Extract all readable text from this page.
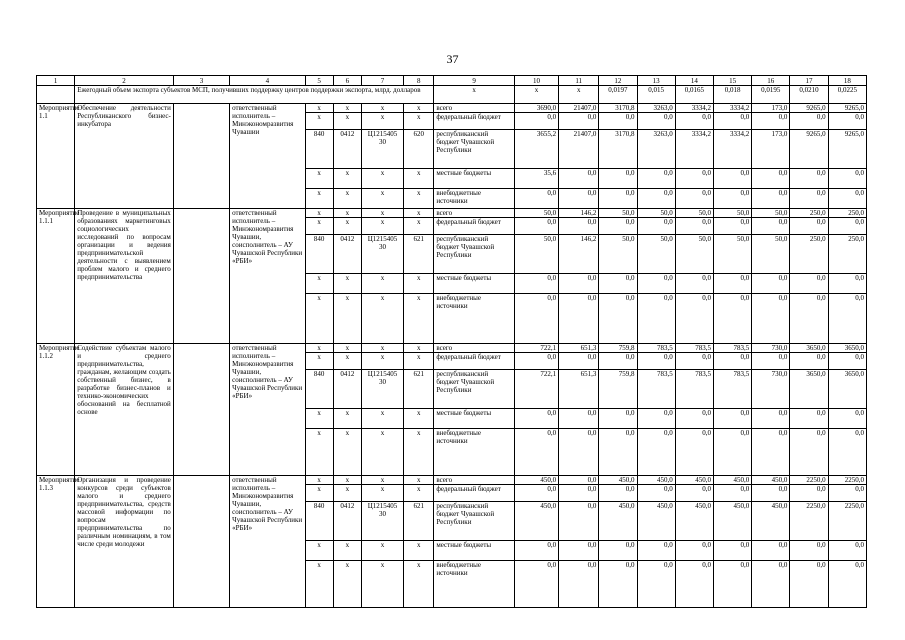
37
1	2	3	4	5	6	7	8	9	10	11	12	13	14	15	16	17	18
	Ежегодный объем экспорта субъектов МСП, получивших поддержку центров поддержки экспорта, млрд. долларов							x	x	x	0,0197	0,015	0,0165	0,018	0,0195	0,0210	0,0225
Мероприятие 1.1	Обеспечение деятельности Республиканского бизнес-инкубатора		ответственный исполнитель – Минэкономразвития Чувашии	x	x	x	x	всего	3690,0	21407,0	3170,8	3263,0	3334,2	3334,2	173,0	9265,0	9265,0
				x	x	x	x	федеральный бюджет	0,0	0,0	0,0	0,0	0,0	0,0	0,0	0,0	0,0
				840	0412	Ц1215405 30	620	республиканский бюджет Чувашской Республики	3655,2	21407,0	3170,8	3263,0	3334,2	3334,2	173,0	9265,0	9265,0
				x	x	x	x	местные бюджеты	35,6	0,0	0,0	0,0	0,0	0,0	0,0	0,0	0,0
				x	x	x	x	внебюджетные источники	0,0	0,0	0,0	0,0	0,0	0,0	0,0	0,0	0,0
Мероприятие 1.1.1	Проведение в муниципальных образованиях маркетинговых социологических исследований по вопросам организации и ведения предпринимательской деятельности с выявлением проблем малого и среднего предпринимательства		ответственный исполнитель – Минэкономразвития Чувашии, соисполнитель – АУ Чувашской Республики «РБИ»	x	x	x	x	всего	50,0	146,2	50,0	50,0	50,0	50,0	50,0	250,0	250,0
				x	x	x	x	федеральный бюджет	0,0	0,0	0,0	0,0	0,0	0,0	0,0	0,0	0,0
				840	0412	Ц1215405 30	621	республиканский бюджет Чувашской Республики	50,0	146,2	50,0	50,0	50,0	50,0	50,0	250,0	250,0
				x	x	x	x	местные бюджеты	0,0	0,0	0,0	0,0	0,0	0,0	0,0	0,0	0,0
				x	x	x	x	внебюджетные источники	0,0	0,0	0,0	0,0	0,0	0,0	0,0	0,0	0,0
Мероприятие 1.1.2	Содействие субъектам малого и среднего предпринимательства, гражданам, желающим создать собственный бизнес, в разработке бизнес-планов и технико-экономических обоснований на бесплатной основе		ответственный исполнитель – Минэкономразвития Чувашии, соисполнитель – АУ Чувашской Республики «РБИ»	x	x	x	x	всего	722,1	651,3	759,8	783,5	783,5	783,5	730,0	3650,0	3650,0
				x	x	x	x	федеральный бюджет	0,0	0,0	0,0	0,0	0,0	0,0	0,0	0,0	0,0
				840	0412	Ц1215405 30	621	республиканский бюджет Чувашской Республики	722,1	651,3	759,8	783,5	783,5	783,5	730,0	3650,0	3650,0
				x	x	x	x	местные бюджеты	0,0	0,0	0,0	0,0	0,0	0,0	0,0	0,0	0,0
				x	x	x	x	внебюджетные источники	0,0	0,0	0,0	0,0	0,0	0,0	0,0	0,0	0,0
Мероприятие 1.1.3	Организация и проведение конкурсов среди субъектов малого и среднего предпринимательства, средств массовой информации по вопросам предпринимательства по различным номинациям, в том числе среди молодежи		ответственный исполнитель – Минэкономразвития Чувашии, соисполнитель – АУ Чувашской Республики «РБИ»	x	x	x	x	всего	450,0	0,0	450,0	450,0	450,0	450,0	450,0	2250,0	2250,0
				x	x	x	x	федеральный бюджет	0,0	0,0	0,0	0,0	0,0	0,0	0,0	0,0	0,0
				840	0412	Ц1215405 30	621	республиканский бюджет Чувашской Республики	450,0	0,0	450,0	450,0	450,0	450,0	450,0	2250,0	2250,0
				x	x	x	x	местные бюджеты	0,0	0,0	0,0	0,0	0,0	0,0	0,0	0,0	0,0
				x	x	x	x	внебюджетные источники	0,0	0,0	0,0	0,0	0,0	0,0	0,0	0,0	0,0
